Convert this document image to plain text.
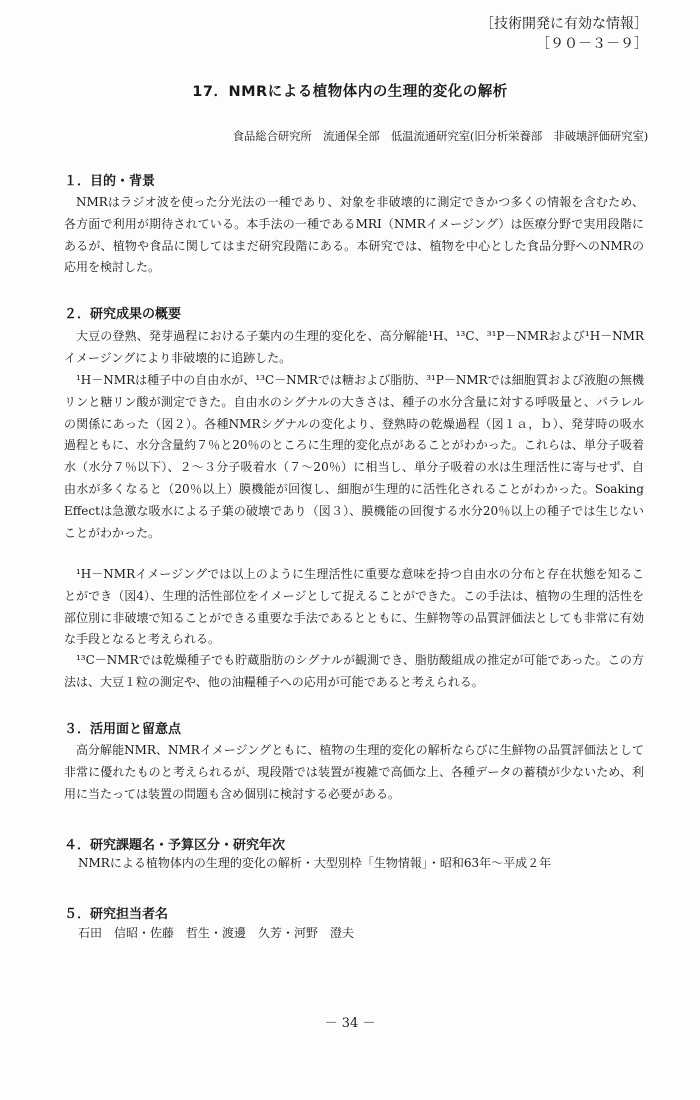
［技術開発に有効な情報］
［９０－３－９］
17．NMRによる植物体内の生理的変化の解析
食品総合研究所　流通保全部　低温流通研究室(旧分析栄養部　非破壊評価研究室)
１．目的・背景

NMRはラジオ波を使った分光法の一種であり、対象を非破壊的に測定できかつ多くの情報を含むため、各方面で利用が期待されている。本手法の一種であるMRI（NMRイメージング）は医療分野で実用段階にあるが、植物や食品に関してはまだ研究段階にある。本研究では、植物を中心とした食品分野へのNMRの応用を検討した。

２．研究成果の概要

大豆の登熟、発芽過程における子葉内の生理的変化を、高分解能¹H、¹³C、³¹P－NMRおよび¹H－NMRイメージングにより非破壊的に追跡した。

¹H－NMRは種子中の自由水が、¹³C－NMRでは糖および脂肪、³¹P－NMRでは細胞質および液胞の無機リンと糖リン酸が測定できた。自由水のシグナルの大きさは、種子の水分含量に対する呼吸量と、パラレルの関係にあった（図２）。各種NMRシグナルの変化より、登熟時の乾燥過程（図１ａ，ｂ）、発芽時の吸水過程ともに、水分含量約７％と20％のところに生理的変化点があることがわかった。これらは、単分子吸着水（水分７％以下）、２～３分子吸着水（７～20％）に相当し、単分子吸着の水は生理活性に寄与せず、自由水が多くなると（20％以上）膜機能が回復し、細胞が生理的に活性化されることがわかった。Soaking Effectは急激な吸水による子葉の破壊であり（図３）、膜機能の回復する水分20％以上の種子では生じないことがわかった。

¹H－NMRイメージングでは以上のように生理活性に重要な意味を持つ自由水の分布と存在状態を知ることができ（図4）、生理的活性部位をイメージとして捉えることができた。この手法は、植物の生理的活性を部位別に非破壊で知ることができる重要な手法であるとともに、生鮮物等の品質評価法としても非常に有効な手段となると考えられる。

¹³C－NMRでは乾燥種子でも貯蔵脂肪のシグナルが観測でき、脂肪酸組成の推定が可能であった。この方法は、大豆１粒の測定や、他の油糧種子への応用が可能であると考えられる。

３．活用面と留意点

高分解能NMR、NMRイメージングともに、植物の生理的変化の解析ならびに生鮮物の品質評価法として非常に優れたものと考えられるが、現段階では装置が複雑で高価な上、各種データの蓄積が少ないため、利用に当たっては装置の問題も含め個別に検討する必要がある。

４．研究課題名・予算区分・研究年次
NMRによる植物体内の生理的変化の解析・大型別枠「生物情報」・昭和63年～平成２年
５．研究担当者名
石田　信昭・佐藤　哲生・渡邊　久芳・河野　澄夫
－ 34 －
